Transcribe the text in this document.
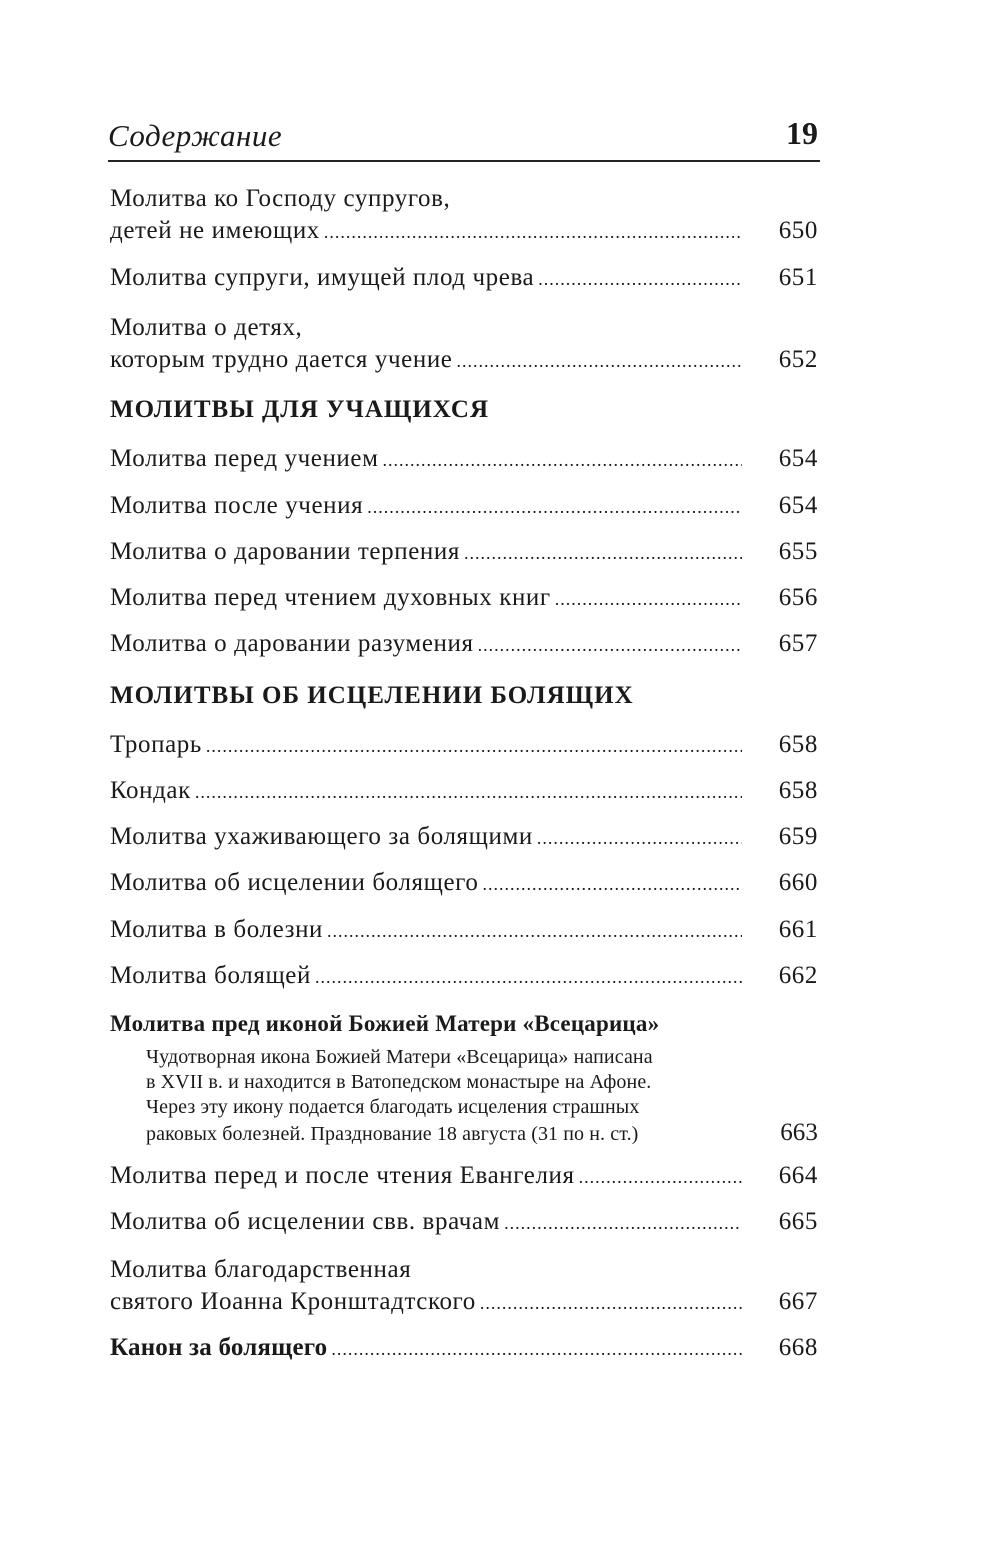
Содержание	19
Молитва ко Господу супругов,
детей не имеющих .....	650
Молитва супруги, имущей плод чрева .....	651
Молитва о детях,
которым трудно дается учение .....	652
МОЛИТВЫ ДЛЯ УЧАЩИХСЯ
Молитва перед учением .....	654
Молитва после учения .....	654
Молитва о даровании терпения .....	655
Молитва перед чтением духовных книг .....	656
Молитва о даровании разумения .....	657
МОЛИТВЫ ОБ ИСЦЕЛЕНИИ БОЛЯЩИХ
Тропарь .....	658
Кондак .....	658
Молитва ухаживающего за болящими .....	659
Молитва об исцелении болящего .....	660
Молитва в болезни .....	661
Молитва болящей .....	662
Молитва пред иконой Божией Матери «Всецарица»
Чудотворная икона Божией Матери «Всецарица» написана
в XVII в. и находится в Ватопедском монастыре на Афоне.
Через эту икону подается благодать исцеления страшных
раковых болезней. Празднование 18 августа (31 по н. ст.)	663
Молитва перед и после чтения Евангелия .....	664
Молитва об исцелении свв. врачам .....	665
Молитва благодарственная
святого Иоанна Кронштадтского .....	667
Канон за болящего .....	668
